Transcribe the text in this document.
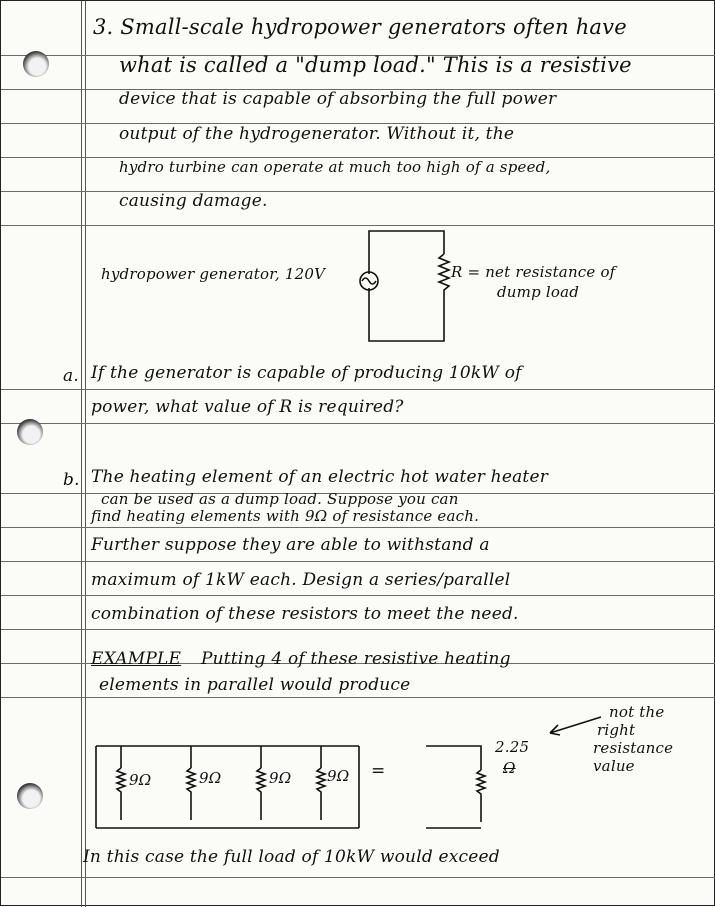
3. Small-scale hydropower generators often have
what is called a "dump load." This is a resistive
device that is capable of absorbing the full power
output of the hydrogenerator. Without it, the
hydro turbine can operate at much too high of a speed,
causing damage.
hydropower generator, 120V	R = net resistance of
dump load
a. If the generator is capable of producing 10kW of
power, what value of R is required?
b. The heating element of an electric hot water heater
can be used as a dump load. Suppose you can
find heating elements with 9Ω of resistance each.
Further suppose they are able to withstand a
maximum of 1kW each. Design a series/parallel
combination of these resistors to meet the need.
EXAMPLE Putting 4 of these resistive heating
elements in parallel would produce
not the
right
resistance
value
9Ω	9Ω	9Ω 9Ω =
2.25
Ω
In this case the full load of 10kW would exceed
